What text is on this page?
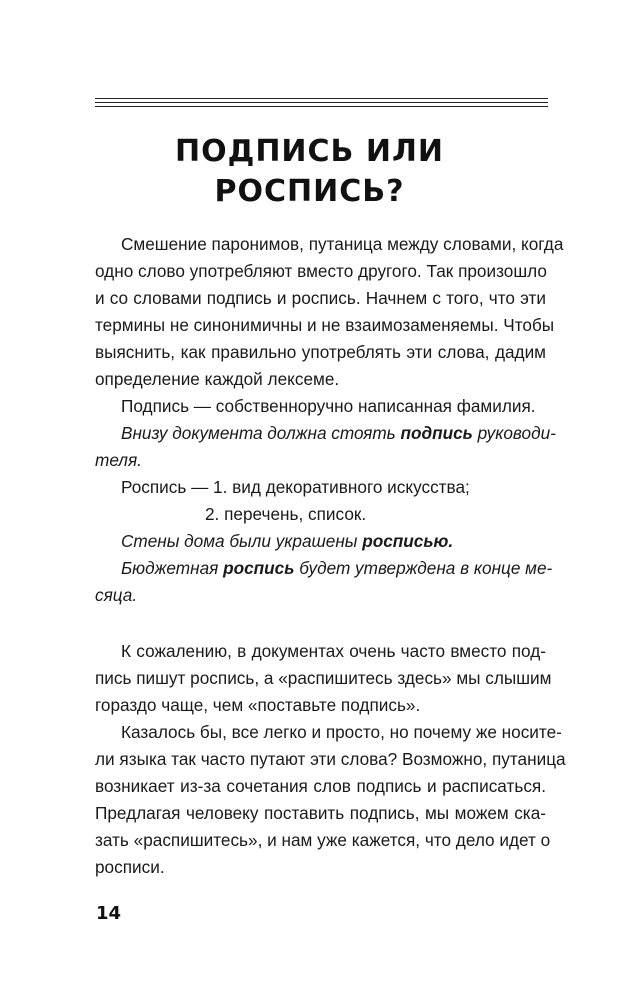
ПОДПИСЬ ИЛИ
РОСПИСЬ?
Смешение паронимов, путаница между словами, когда
одно слово употребляют вместо другого. Так произошло
и со словами подпись и роспись. Начнем с того, что эти
термины не синонимичны и не взаимозаменяемы. Чтобы
выяснить, как правильно употреблять эти слова, дадим
определение каждой лексеме.
Подпись — собственноручно написанная фамилия.
Внизу документа должна стоять подпись руководи-
теля.
Роспись — 1. вид декоративного искусства;
2. перечень, список.
Стены дома были украшены росписью.
Бюджетная роспись будет утверждена в конце ме-
сяца.
К сожалению, в документах очень часто вместо под-
пись пишут роспись, а «распишитесь здесь» мы слышим
гораздо чаще, чем «поставьте подпись».
Казалось бы, все легко и просто, но почему же носите-
ли языка так часто путают эти слова? Возможно, путаница
возникает из-за сочетания слов подпись и расписаться.
Предлагая человеку поставить подпись, мы можем ска-
зать «распишитесь», и нам уже кажется, что дело идет о
росписи.
14
